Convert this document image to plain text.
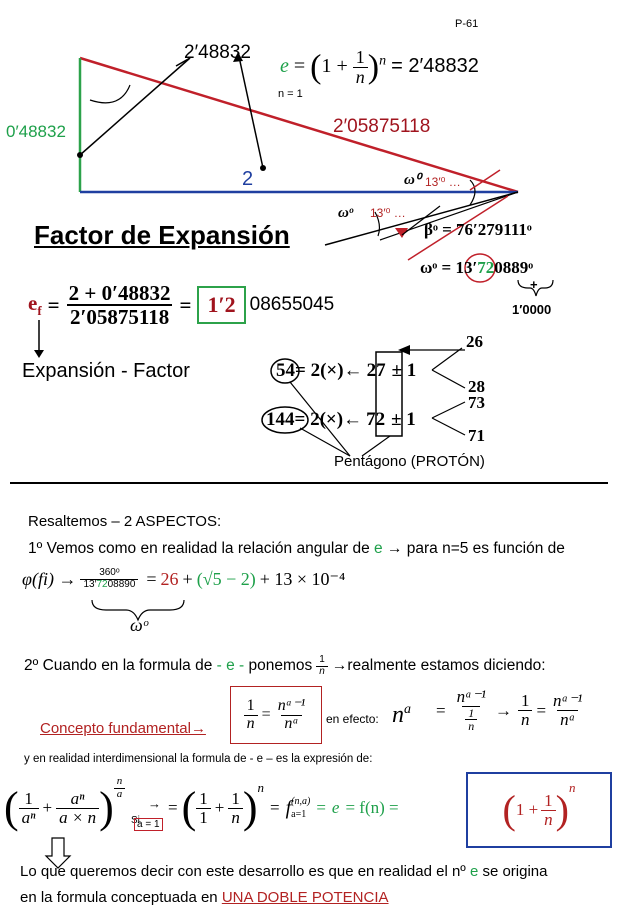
P-61
0′48832
2′48832
2′05875118
2
$e = (1 + \frac{1}{n} )^n = 2'48832$
n = 1
ω⁰ 13′⁰ …
ωᵒ 13′⁰ …
βᵒ = 76′279111ᵒ
ωᵒ = 13′720889ᵒ
+
1′0000
Factor de Expansión
$e_f = \frac{2 + 0'48832}{2'05875118} = 1'2$ 08655045
Expansión - Factor	54= 2(×)← 27 ± 1
26
28
144= 2(×)← 72 ± 1
73
71
Pentágono (PROTÓN)
Resaltemos – 2 ASPECTOS:
1º Vemos como en realidad la relación angular de e → para n=5 es función de
$\varphi(fi) \to \frac{\text{360ᵒ}}{13'7208890} = 26 + (√5 - 2) + 13 \times 10^{-4}$
ωᵒ
2º Cuando en la formula de - e - ponemos $\frac{1}{n}$ →realmente estamos diciendo:
Concepto fundamental→ $\frac{1}{n} = \frac{\text{nᵃ⁻¹}}{\text{nᵃ}}$ en efecto: $n^a = \frac{\text{nᵃ⁻¹}}{\frac{1}{n}} \to \frac{1}{n} = \frac{\text{nᵃ⁻¹}}{\text{nᵃ}}$
y en realidad interdimensional la formula de - e – es la expresión de:
( $\frac{1}{\text{aⁿ}} + \frac{\text{aⁿ}}{a \times n}$ ) $\frac{n}{a}$
Si
a = 1
→ = ( $\frac{1}{1} + \frac{1}{n} )^n$
= f (n,a)
a=1 = e = f(n) =	( $1 + \frac{1}{n} )^n$
Lo que queremos decir con este desarrollo es que en realidad el nº e se origina
en la formula conceptuada en UNA DOBLE POTENCIA
